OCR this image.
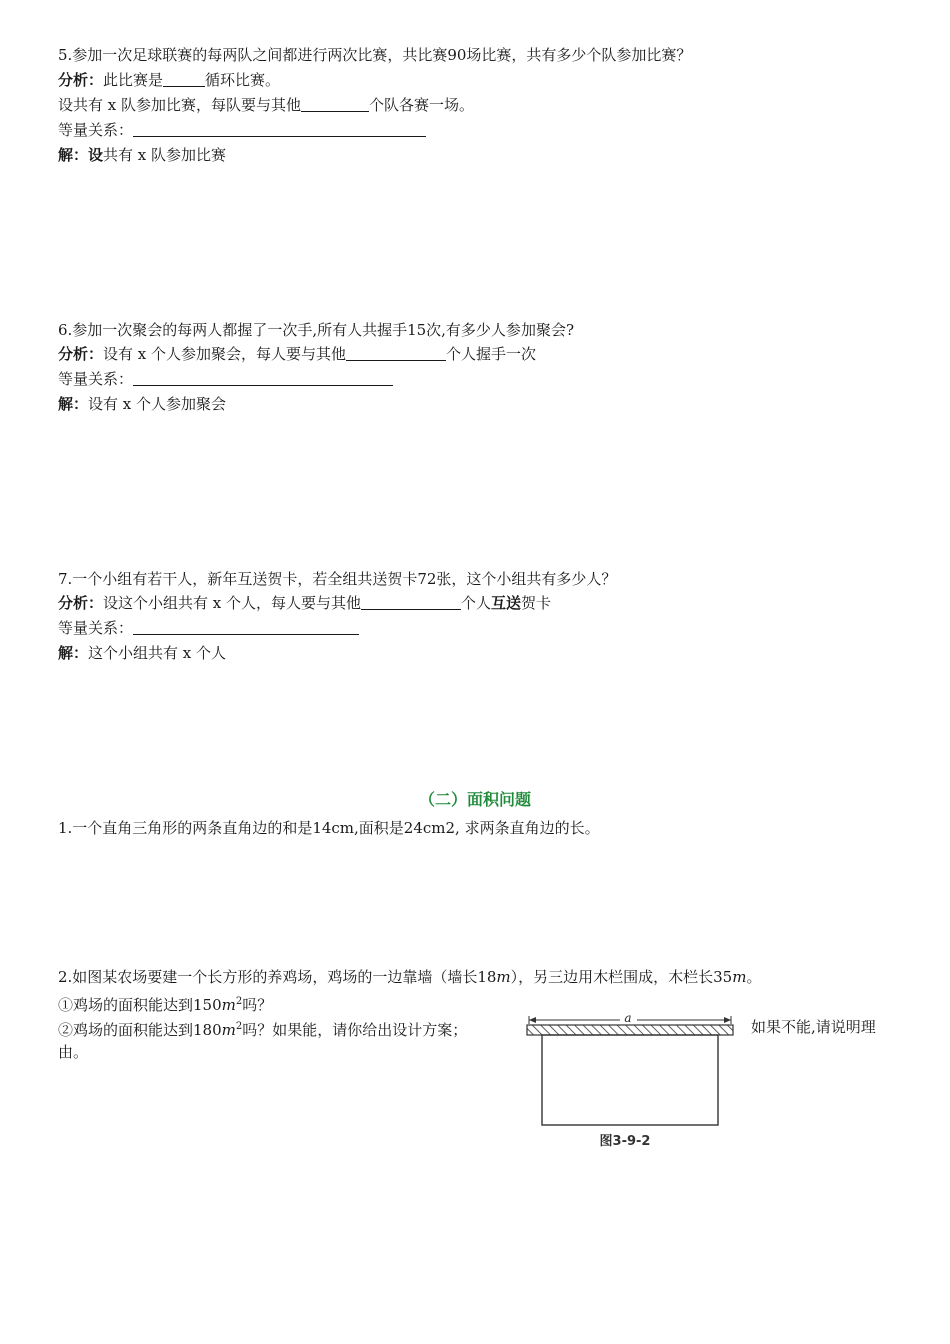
5.参加一次足球联赛的每两队之间都进行两次比赛，共比赛90场比赛，共有多少个队参加比赛？
分析：此比赛是	循环比赛。
设共有 x 队参加比赛，每队要与其他	个队各赛一场。
等量关系：
解：设共有 x 队参加比赛
6.参加一次聚会的每两人都握了一次手,所有人共握手15次,有多少人参加聚会?
分析：设有 x 个人参加聚会，每人要与其他	个人握手一次
等量关系：
解：设有 x 个人参加聚会
7.一个小组有若干人，新年互送贺卡，若全组共送贺卡72张，这个小组共有多少人？
分析：设这个小组共有 x 个人，每人要与其他	个人互送贺卡
等量关系：
解：这个小组共有 x 个人
（二）面积问题
1.一个直角三角形的两条直角边的和是14cm,面积是24cm2, 求两条直角边的长。
2.如图某农场要建一个长方形的养鸡场，鸡场的一边靠墙（墙长18m），另三边用木栏围成，木栏长35m。
①鸡场的面积能达到$150m^2$吗？
②鸡场的面积能达到$180m^2$吗？如果能，请你给出设计方案；	如果不能,请说明理
由。
a
图3-9-2
